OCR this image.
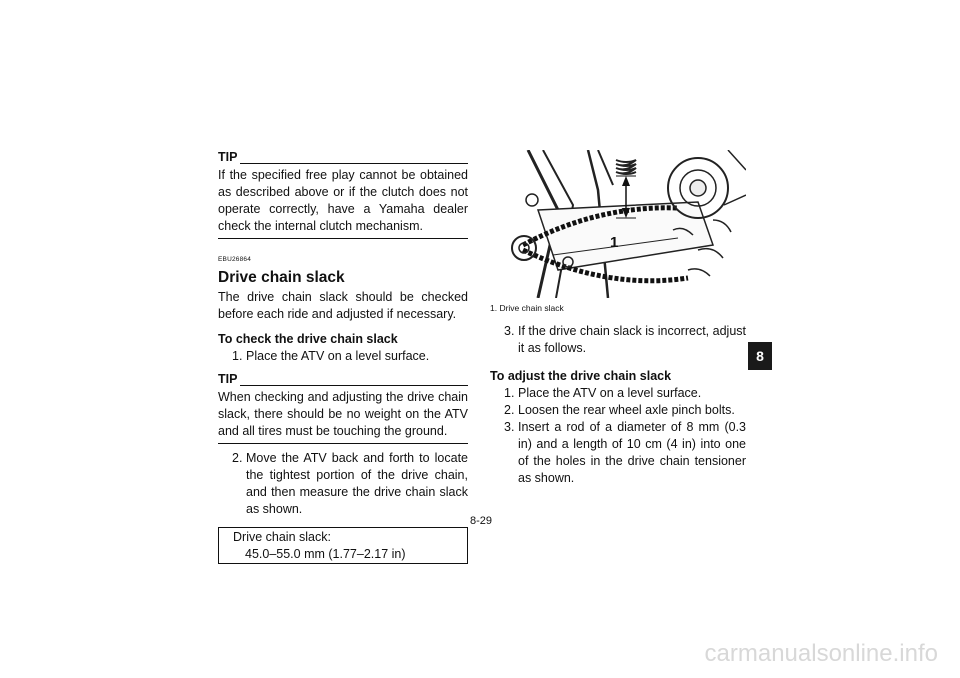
TIP
If the specified free play cannot be obtained as described above or if the clutch does not operate correctly, have a Yamaha dealer check the internal clutch mechanism.
EBU26864
Drive chain slack

The drive chain slack should be checked before each ride and adjusted if necessary.

To check the drive chain slack
1. Place the ATV on a level surface.
TIP
When checking and adjusting the drive chain slack, there should be no weight on the ATV and all tires must be touching the ground.
2. Move the ATV back and forth to locate the tightest portion of the drive chain, and then measure the drive chain slack as shown.
Drive chain slack:
45.0–55.0 mm (1.77–2.17 in)
1
1. Drive chain slack
3. If the drive chain slack is incorrect, adjust it as follows.
To adjust the drive chain slack
1. Place the ATV on a level surface.
2. Loosen the rear wheel axle pinch bolts.
3. Insert a rod of a diameter of 8 mm (0.3 in) and a length of 10 cm (4 in) into one of the holes in the drive chain tensioner as shown.
8
8-29
carmanualsonline.info
